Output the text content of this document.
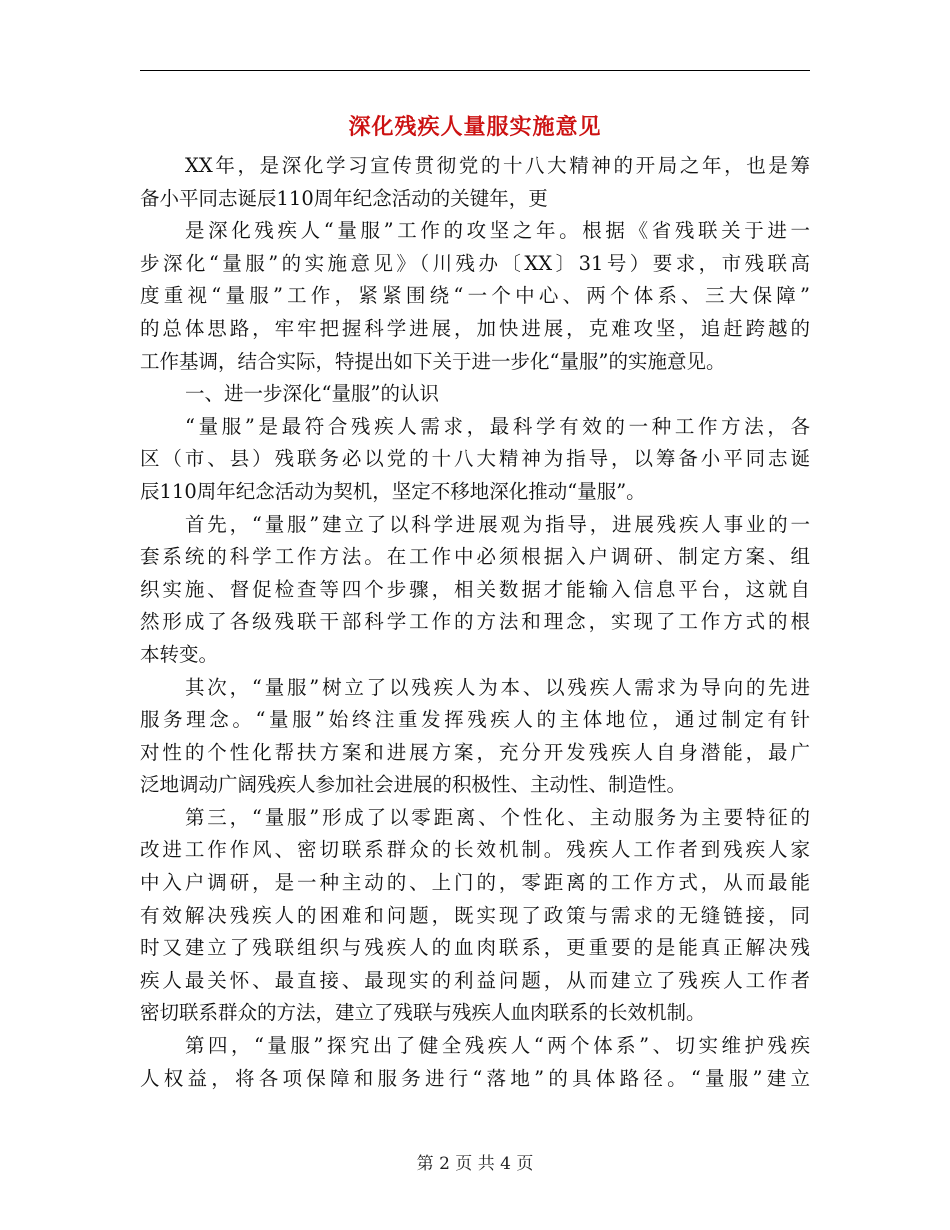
深化残疾人量服实施意见
XX年，是深化学习宣传贯彻党的十八大精神的开局之年，也是筹
备小平同志诞辰110周年纪念活动的关键年，更
是深化残疾人“量服”工作的攻坚之年。根据《省残联关于进一
步深化“量服”的实施意见》（川残办〔XX〕31号）要求，市残联高
度重视“量服”工作，紧紧围绕“一个中心、两个体系、三大保障”
的总体思路，牢牢把握科学进展，加快进展，克难攻坚，追赶跨越的
工作基调，结合实际，特提出如下关于进一步化“量服”的实施意见。
一、进一步深化“量服”的认识
“量服”是最符合残疾人需求，最科学有效的一种工作方法，各
区（市、县）残联务必以党的十八大精神为指导，以筹备小平同志诞
辰110周年纪念活动为契机，坚定不移地深化推动“量服”。
首先，“量服”建立了以科学进展观为指导，进展残疾人事业的一
套系统的科学工作方法。在工作中必须根据入户调研、制定方案、组
织实施、督促检查等四个步骤，相关数据才能输入信息平台，这就自
然形成了各级残联干部科学工作的方法和理念，实现了工作方式的根
本转变。
其次，“量服”树立了以残疾人为本、以残疾人需求为导向的先进
服务理念。“量服”始终注重发挥残疾人的主体地位，通过制定有针
对性的个性化帮扶方案和进展方案，充分开发残疾人自身潜能，最广
泛地调动广阔残疾人参加社会进展的积极性、主动性、制造性。
第三，“量服”形成了以零距离、个性化、主动服务为主要特征的
改进工作作风、密切联系群众的长效机制。残疾人工作者到残疾人家
中入户调研，是一种主动的、上门的，零距离的工作方式，从而最能
有效解决残疾人的困难和问题，既实现了政策与需求的无缝链接，同
时又建立了残联组织与残疾人的血肉联系，更重要的是能真正解决残
疾人最关怀、最直接、最现实的利益问题，从而建立了残疾人工作者
密切联系群众的方法，建立了残联与残疾人血肉联系的长效机制。
第四，“量服”探究出了健全残疾人“两个体系”、切实维护残疾
人权益，将各项保障和服务进行“落地”的具体路径。“量服”建立
第 2 页 共 4 页
